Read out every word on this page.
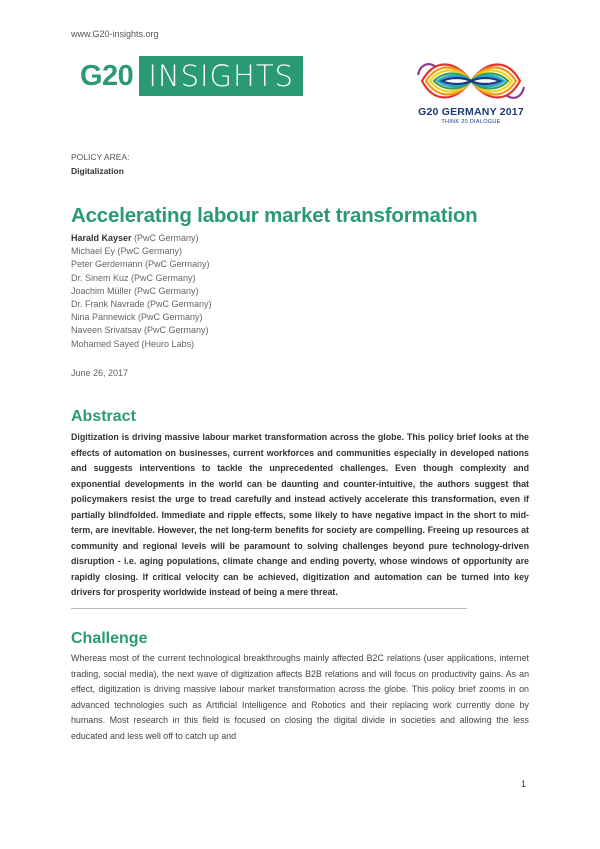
www.G20-insights.org
G20 INSIGHTS
G20 GERMANY 2017
THINK 20 DIALOGUE
POLICY AREA:
Digitalization
Accelerating labour market transformation
Harald Kayser (PwC Germany)
Michael Ey (PwC Germany)
Peter Gerdemann (PwC Germany)
Dr. Sinem Kuz (PwC Germany)
Joachim Müller (PwC Germany)
Dr. Frank Navrade (PwC Germany)
Nina Pannewick (PwC Germany)
Naveen Srivatsav (PwC Germany)
Mohamed Sayed (Heuro Labs)
June 26, 2017
Abstract

Digitization is driving massive labour market transformation across the globe. This policy brief looks at the effects of automation on businesses, current workforces and communities especially in developed nations and suggests interventions to tackle the unprecedented challenges. Even though complexity and exponential developments in the world can be daunting and counter-intuitive, the authors suggest that policymakers resist the urge to tread carefully and instead actively accelerate this transformation, even if partially blindfolded. Immediate and ripple effects, some likely to have negative impact in the short to mid-term, are inevitable. However, the net long-term benefits for society are compelling. Freeing up resources at community and regional levels will be paramount to solving challenges beyond pure technology-driven disruption - i.e. aging populations, climate change and ending poverty, whose windows of opportunity are rapidly closing. If critical velocity can be achieved, digitization and automation can be turned into key drivers for prosperity worldwide instead of being a mere threat.

Challenge

Whereas most of the current technological breakthroughs mainly affected B2C relations (user applications, internet trading, social media), the next wave of digitization affects B2B relations and will focus on productivity gains. As an effect, digitization is driving massive labour market transformation across the globe. This policy brief zooms in on advanced technologies such as Artificial Intelligence and Robotics and their replacing work currently done by humans. Most research in this field is focused on closing the digital divide in societies and allowing the less educated and less well off to catch up and

1
